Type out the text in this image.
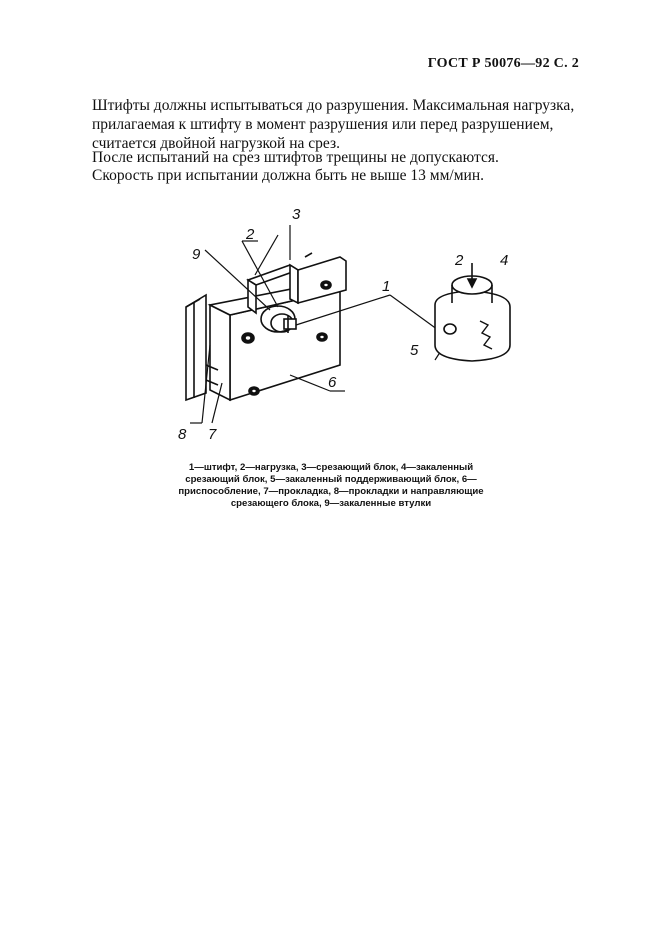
ГОСТ Р 50076—92 С. 2
Штифты должны испытываться до разрушения. Максимальная нагрузка, прилагаемая к штифту в момент разрушения или перед разрушением, считается двойной нагрузкой на срез.
После испытаний на срез штифтов трещины не допускаются.
Скорость при испытании должна быть не выше 13 мм/мин.
9
2
3
1
2 4
5
6
7
8
1—штифт, 2—нагрузка, 3—срезающий блок, 4—закаленный срезающий блок, 5—закаленный поддерживающий блок, 6—приспособление, 7—прокладка, 8—прокладки и направляющие срезающего блока, 9—закаленные втулки
